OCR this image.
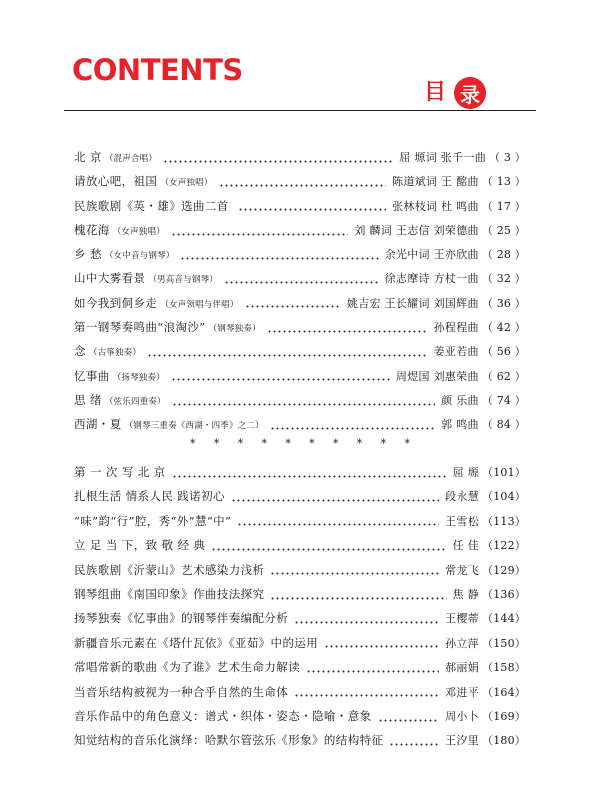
CONTENTS
目 录
北 京 （混声合唱）	屈 塬词 张千一曲 （ 3 ）
请放心吧，祖国 （女声独唱）	陈道斌词 王 酩曲 （ 13 ）
民族歌剧《英・雄》选曲二首	张林枝词 杜 鸣曲 （ 17 ）
槐花海 （女声独唱）	刘 麟词 王志信 刘荣德曲 （ 25 ）
乡 愁 （女中音与钢琴）	余光中词 王亦欣曲 （ 28 ）
山中大雾看景 （男高音与钢琴）	徐志摩诗 方杖一曲 （ 32 ）
如今我到侗乡走 （女声领唱与伴唱）	姚吉宏 王长耀词 刘国辉曲 （ 36 ）
第一钢琴奏鸣曲“浪淘沙” （钢琴独奏）	孙程程曲 （ 42 ）
念 （古筝独奏）	姜亚若曲 （ 56 ）
忆事曲 （扬琴独奏）	周煜国 刘惠荣曲 （ 62 ）
思 绪 （弦乐四重奏）	颜 乐曲 （ 74 ）
西湖・夏 （钢琴三重奏《西湖・四季》之二）	郭 鸣曲 （ 84 ）
* * * * * * * * * *
第 一 次 写 北 京	屈 塬 （101）
扎根生活 情系人民 践诺初心	段永慧 （104）
“味”韵“行”腔，秀“外”慧“中”	王雪松 （113）
立 足 当 下，致 敬 经 典	任 佳 （122）
民族歌剧《沂蒙山》艺术感染力浅析	常龙飞 （129）
钢琴组曲《南国印象》作曲技法探究	焦 静 （136）
扬琴独奏《忆事曲》的钢琴伴奏编配分析	王樱蒂 （144）
新疆音乐元素在《塔什瓦依》《亚茹》中的运用	孙立萍 （150）
常唱常新的歌曲《为了谁》艺术生命力解读	郝丽娟 （158）
当音乐结构被视为一种合乎自然的生命体	邓进平 （164）
音乐作品中的角色意义：谱式・织体・姿态・隐喻・意象	周小卜 （169）
知觉结构的音乐化演绎：哈默尔管弦乐《形象》的结构特征	王汐里 （180）
